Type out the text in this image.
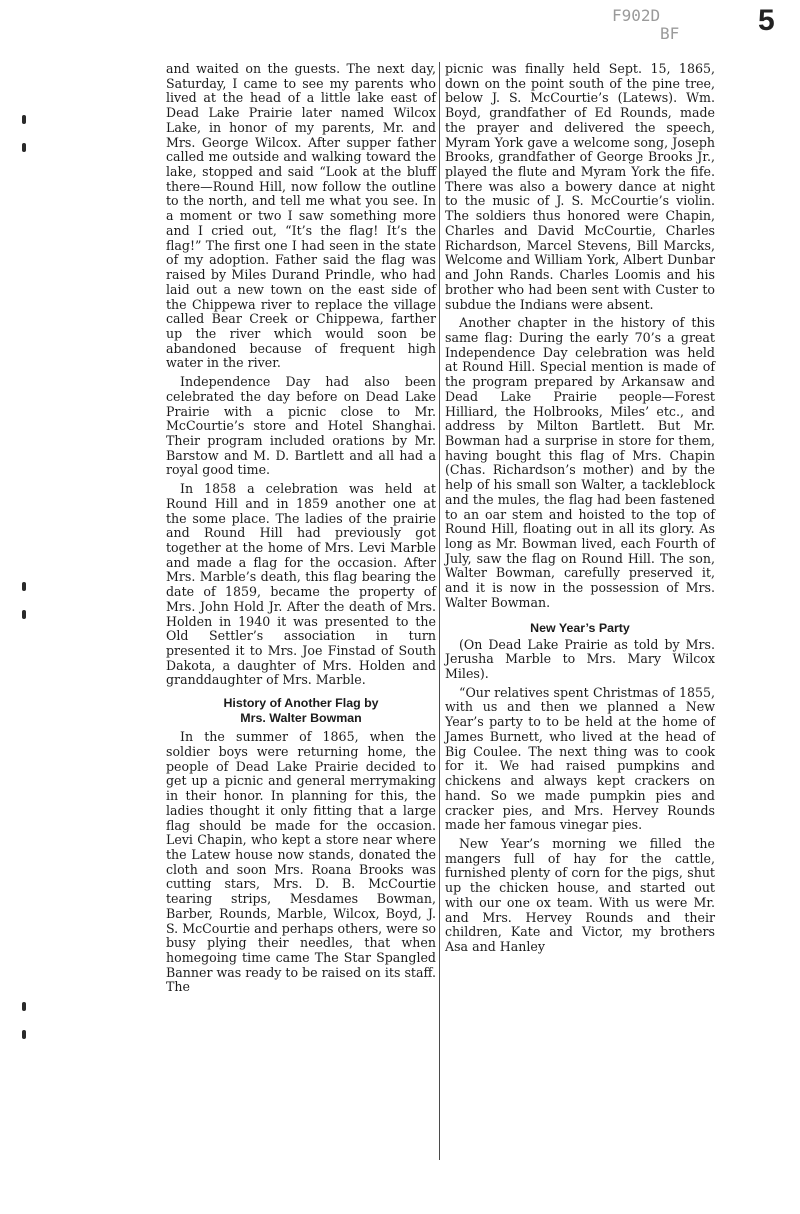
F902D
BF	5

and waited on the guests. The next day, Saturday, I came to see my parents who lived at the head of a little lake east of Dead Lake Prairie later named Wilcox Lake, in honor of my parents, Mr. and Mrs. George Wilcox. After supper father called me outside and walking toward the lake, stopped and said “Look at the bluff there—Round Hill, now follow the outline to the north, and tell me what you see. In a moment or two I saw something more and I cried out, “It’s the flag! It’s the flag!” The first one I had seen in the state of my adoption. Father said the flag was raised by Miles Durand Prindle, who had laid out a new town on the east side of the Chippewa river to replace the village called Bear Creek or Chippewa, farther up the river which would soon be abandoned because of frequent high water in the river.

Independence Day had also been celebrated the day before on Dead Lake Prairie with a picnic close to Mr. McCourtie’s store and Hotel Shanghai. Their program included orations by Mr. Barstow and M. D. Bartlett and all had a royal good time.

In 1858 a celebration was held at Round Hill and in 1859 another one at the some place. The ladies of the prairie and Round Hill had previously got together at the home of Mrs. Levi Marble and made a flag for the occasion. After Mrs. Marble’s death, this flag bearing the date of 1859, became the property of Mrs. John Hold Jr. After the death of Mrs. Holden in 1940 it was presented to the Old Settler’s association in turn presented it to Mrs. Joe Finstad of South Dakota, a daughter of Mrs. Holden and granddaughter of Mrs. Marble.

History of Another Flag by
Mrs. Walter Bowman

In the summer of 1865, when the soldier boys were returning home, the people of Dead Lake Prairie decided to get up a picnic and general merrymaking in their honor. In planning for this, the ladies thought it only fitting that a large flag should be made for the occasion. Levi Chapin, who kept a store near where the Latew house now stands, donated the cloth and soon Mrs. Roana Brooks was cutting stars, Mrs. D. B. McCourtie tearing strips, Mesdames Bowman, Barber, Rounds, Marble, Wilcox, Boyd, J. S. McCourtie and perhaps others, were so busy plying their needles, that when homegoing time came The Star Spangled Banner was ready to be raised on its staff. The

picnic was finally held Sept. 15, 1865, down on the point south of the pine tree, below J. S. McCourtie’s (Latews). Wm. Boyd, grandfather of Ed Rounds, made the prayer and delivered the speech, Myram York gave a welcome song, Joseph Brooks, grandfather of George Brooks Jr., played the flute and Myram York the fife. There was also a bowery dance at night to the music of J. S. McCourtie’s violin. The soldiers thus honored were Chapin, Charles and David McCourtie, Charles Richardson, Marcel Stevens, Bill Marcks, Welcome and William York, Albert Dunbar and John Rands. Charles Loomis and his brother who had been sent with Custer to subdue the Indians were absent.

Another chapter in the history of this same flag: During the early 70’s a great Independence Day celebration was held at Round Hill. Special mention is made of the program prepared by Arkansaw and Dead Lake Prairie people—Forest Hilliard, the Holbrooks, Miles’ etc., and address by Milton Bartlett. But Mr. Bowman had a surprise in store for them, having bought this flag of Mrs. Chapin (Chas. Richardson’s mother) and by the help of his small son Walter, a tackleblock and the mules, the flag had been fastened to an oar stem and hoisted to the top of Round Hill, floating out in all its glory. As long as Mr. Bowman lived, each Fourth of July, saw the flag on Round Hill. The son, Walter Bowman, carefully preserved it, and it is now in the possession of Mrs. Walter Bowman.

New Year’s Party

(On Dead Lake Prairie as told by Mrs. Jerusha Marble to Mrs. Mary Wilcox Miles).

“Our relatives spent Christmas of 1855, with us and then we planned a New Year’s party to to be held at the home of James Burnett, who lived at the head of Big Coulee. The next thing was to cook for it. We had raised pumpkins and chickens and always kept crackers on hand. So we made pumpkin pies and cracker pies, and Mrs. Hervey Rounds made her famous vinegar pies.

New Year’s morning we filled the mangers full of hay for the cattle, furnished plenty of corn for the pigs, shut up the chicken house, and started out with our one ox team. With us were Mr. and Mrs. Hervey Rounds and their children, Kate and Victor, my brothers Asa and Hanley
